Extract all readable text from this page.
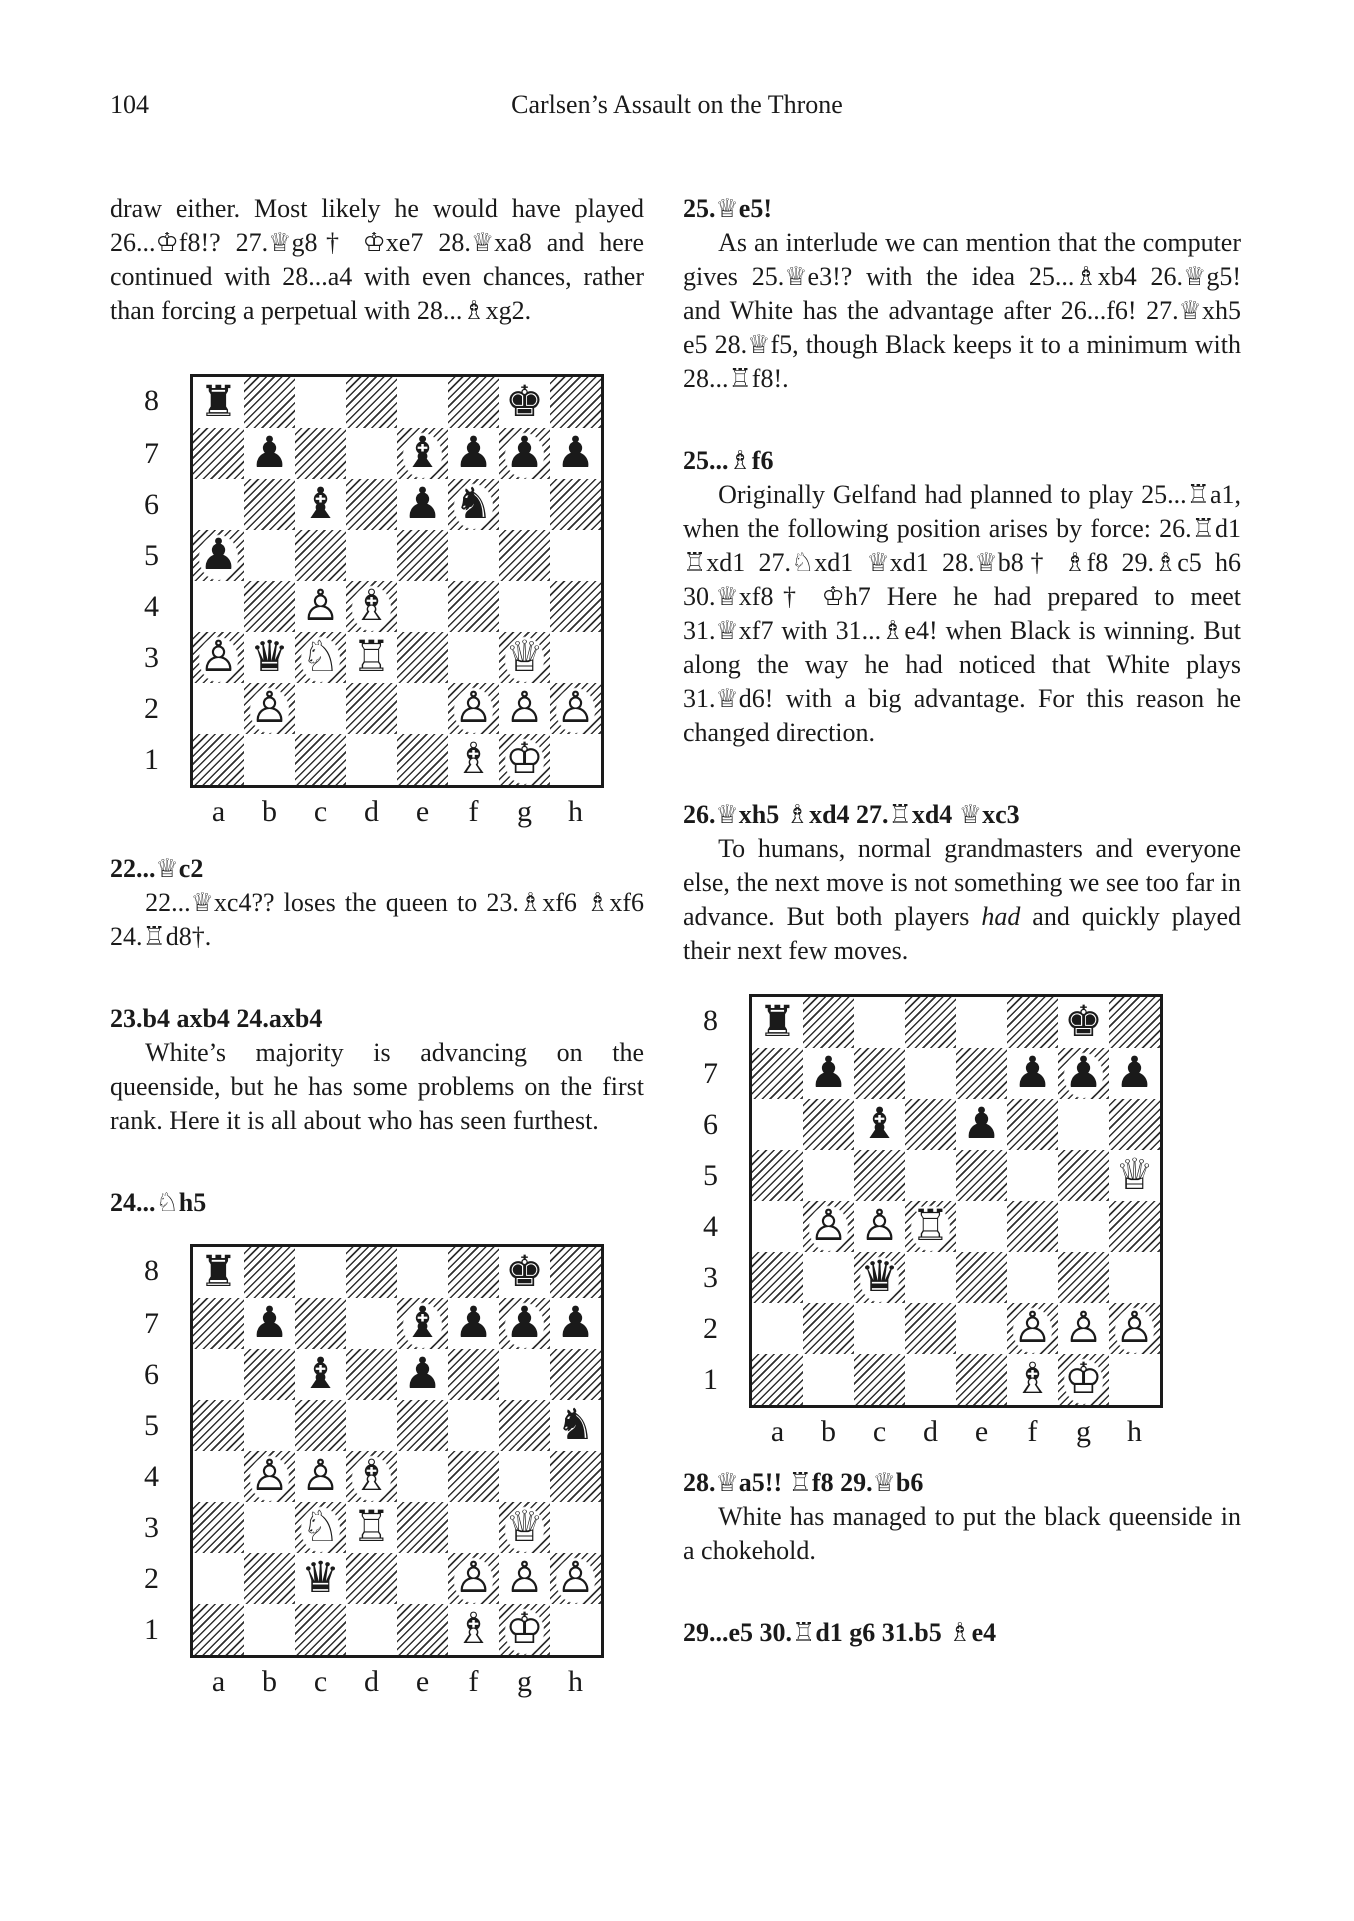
104	Carlsen’s Assault on the Throne

draw either. Most likely he would have played 26...♔f8!? 27.♕g8† ♔xe7 28.♕xa8 and here continued with 28...a4 with even chances, rather than forcing a perpetual with 28...♗xg2.

8
7
6
5
4
3
2
1
♜	♚
♟	♝ ♟ ♟ ♟
♝ ♟ ♞
♟
♙ ♗
♙ ♛ ♘ ♖	♕
♙	♙ ♙ ♙
♗ ♔
a	b	c	d	e	f	g	h

22...♕c2

22...♕xc4?? loses the queen to 23.♗xf6 ♗xf6 24.♖d8†.

23.b4 axb4 24.axb4

White’s majority is advancing on the queenside, but he has some problems on the first rank. Here it is all about who has seen furthest.

24...♘h5

8
7
6
5
4
3
2
1
♜	♚
♟	♝ ♟ ♟ ♟
♝ ♟
♞
♙ ♙ ♗
♘ ♖	♕
♛	♙ ♙ ♙
♗ ♔
a	b	c	d	e	f	g	h

25.♕e5!

As an interlude we can mention that the computer gives 25.♕e3!? with the idea 25...♗xb4 26.♕g5! and White has the advantage after 26...f6! 27.♕xh5 e5 28.♕f5, though Black keeps it to a minimum with 28...♖f8!.

25...♗f6

Originally Gelfand had planned to play 25...♖a1, when the following position arises by force: 26.♖d1 ♖xd1 27.♘xd1 ♕xd1 28.♕b8† ♗f8 29.♗c5 h6 30.♕xf8† ♔h7 Here he had prepared to meet 31.♕xf7 with 31...♗e4! when Black is winning. But along the way he had noticed that White plays 31.♕d6! with a big advantage. For this reason he changed direction.

26.♕xh5 ♗xd4 27.♖xd4 ♕xc3

To humans, normal grandmasters and everyone else, the next move is not something we see too far in advance. But both players had and quickly played their next few moves.

8
7
6
5
4
3
2
1
♜	♚
♟	♟ ♟ ♟
♝ ♟
♕
♙ ♙ ♖
♛
♙ ♙ ♙
♗ ♔
a	b	c	d	e	f	g	h

28.♕a5!! ♖f8 29.♕b6

White has managed to put the black queenside in a chokehold.

29...e5 30.♖d1 g6 31.b5 ♗e4
